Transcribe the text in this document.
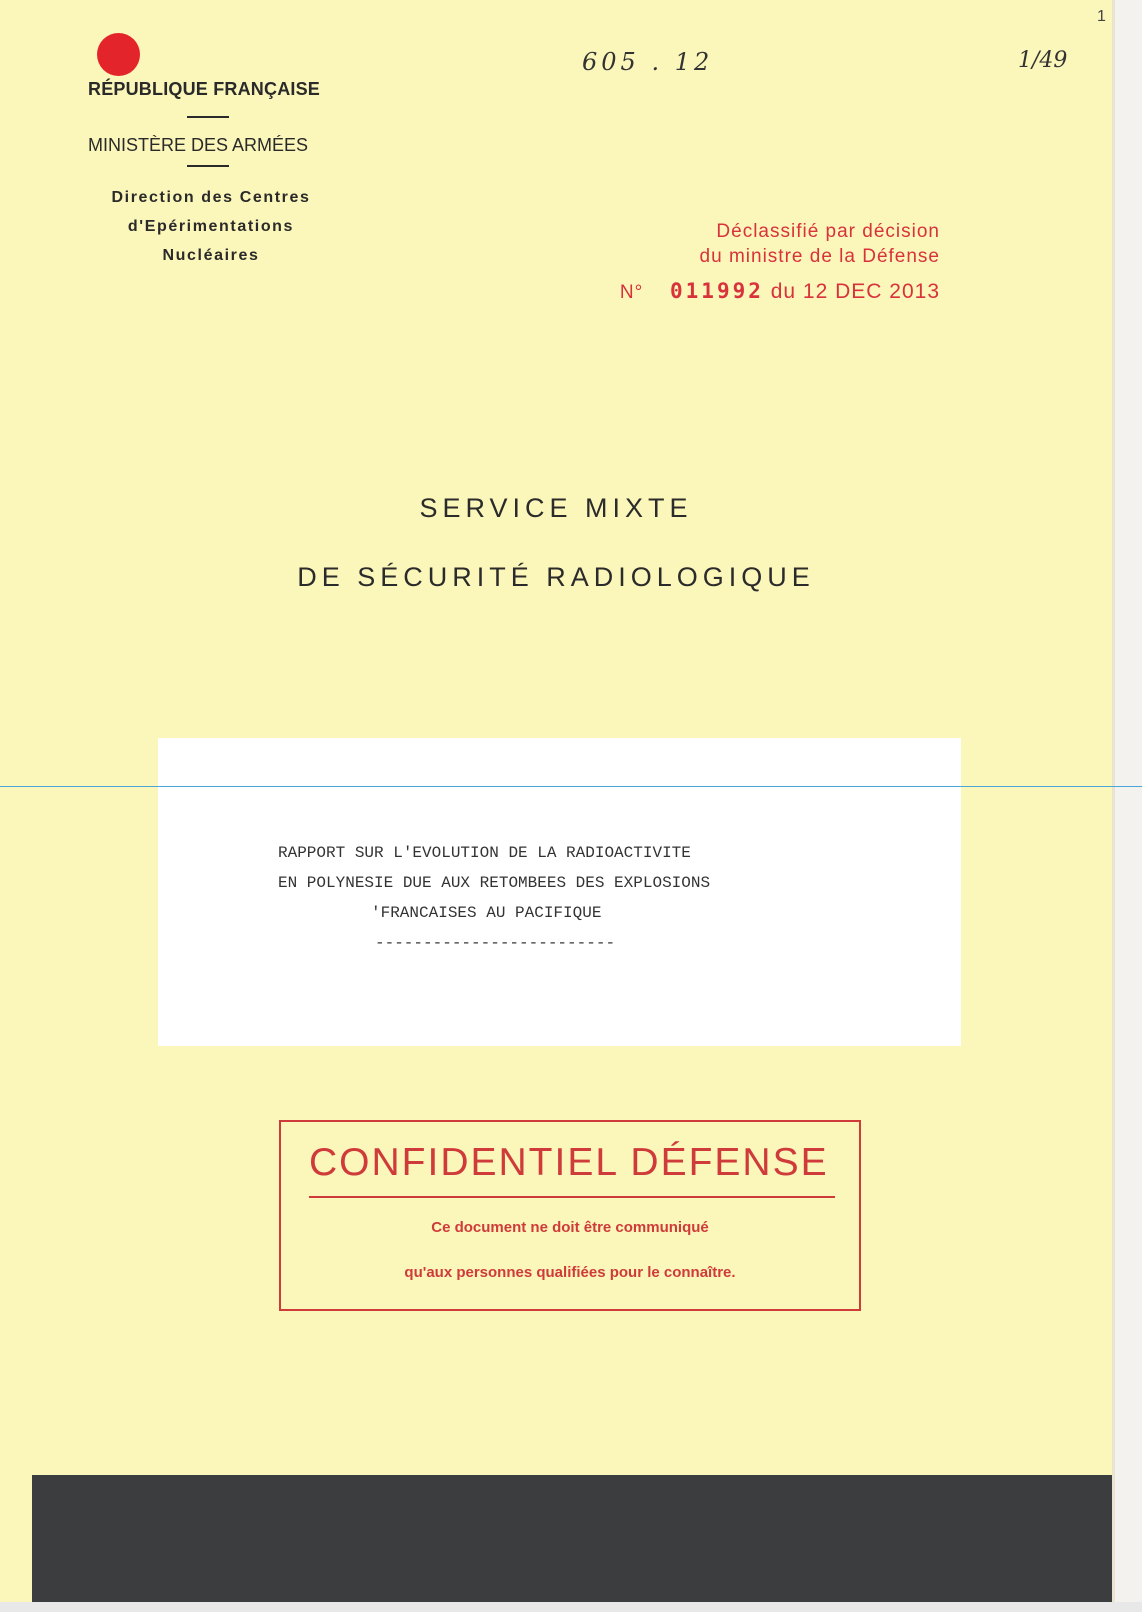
RÉPUBLIQUE FRANÇAISE
MINISTÈRE DES ARMÉES
Direction des Centres
d'Epérimentations
Nucléaires
605 . 12	1/49
1
Déclassifié par décision
du ministre de la Défense
N° 011992 du 12 DEC 2013
SERVICE MIXTE
DE SÉCURITÉ RADIOLOGIQUE
RAPPORT SUR L'EVOLUTION DE LA RADIOACTIVITE
EN POLYNESIE DUE AUX RETOMBEES DES EXPLOSIONS
'FRANCAISES AU PACIFIQUE
-------------------------
CONFIDENTIEL DÉFENSE
Ce document ne doit être communiqué
qu'aux personnes qualifiées pour le connaître.
